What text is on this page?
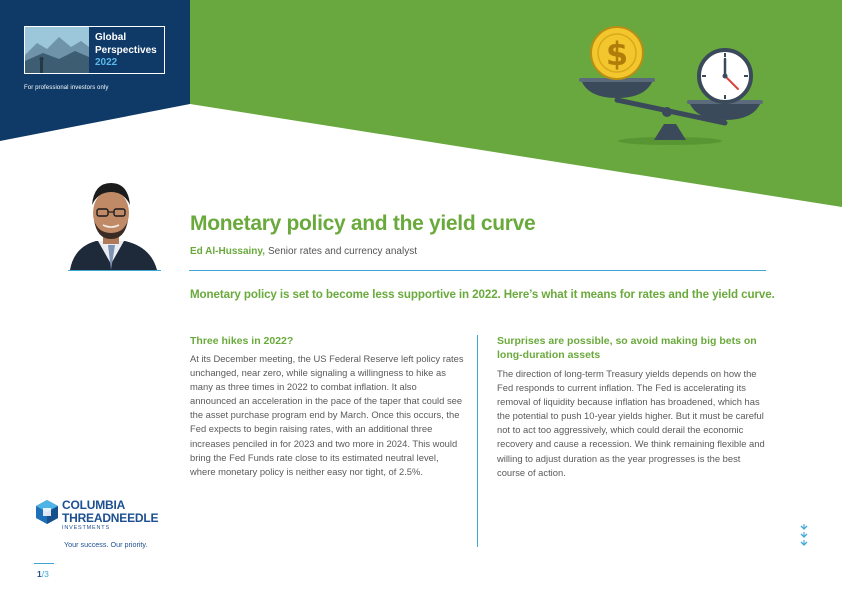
$
Global
Perspectives
2022
For professional investors only
Monetary policy and the yield curve
Ed Al-Hussainy, Senior rates and currency analyst
Monetary policy is set to become less supportive in 2022. Here’s what it means for rates and the yield curve.
Three hikes in 2022?
At its December meeting, the US Federal Reserve left policy rates unchanged, near zero, while signaling a willingness to hike as many as three times in 2022 to combat inflation. It also announced an acceleration in the pace of the taper that could see the asset purchase program end by March. Once this occurs, the Fed expects to begin raising rates, with an additional three increases penciled in for 2023 and two more in 2024. This would bring the Fed Funds rate close to its estimated neutral level, where monetary policy is neither easy nor tight, of 2.5%.
Surprises are possible, so avoid making big bets on long-duration assets
The direction of long-term Treasury yields depends on how the Fed responds to current inflation. The Fed is accelerating its removal of liquidity because inflation has broadened, which has the potential to push 10-year yields higher. But it must be careful not to act too aggressively, which could derail the economic recovery and cause a recession. We think remaining flexible and willing to adjust duration as the year progresses is the best course of action.
COLUMBIA
THREADNEEDLE
INVESTMENTS
Your success. Our priority.
1/3
